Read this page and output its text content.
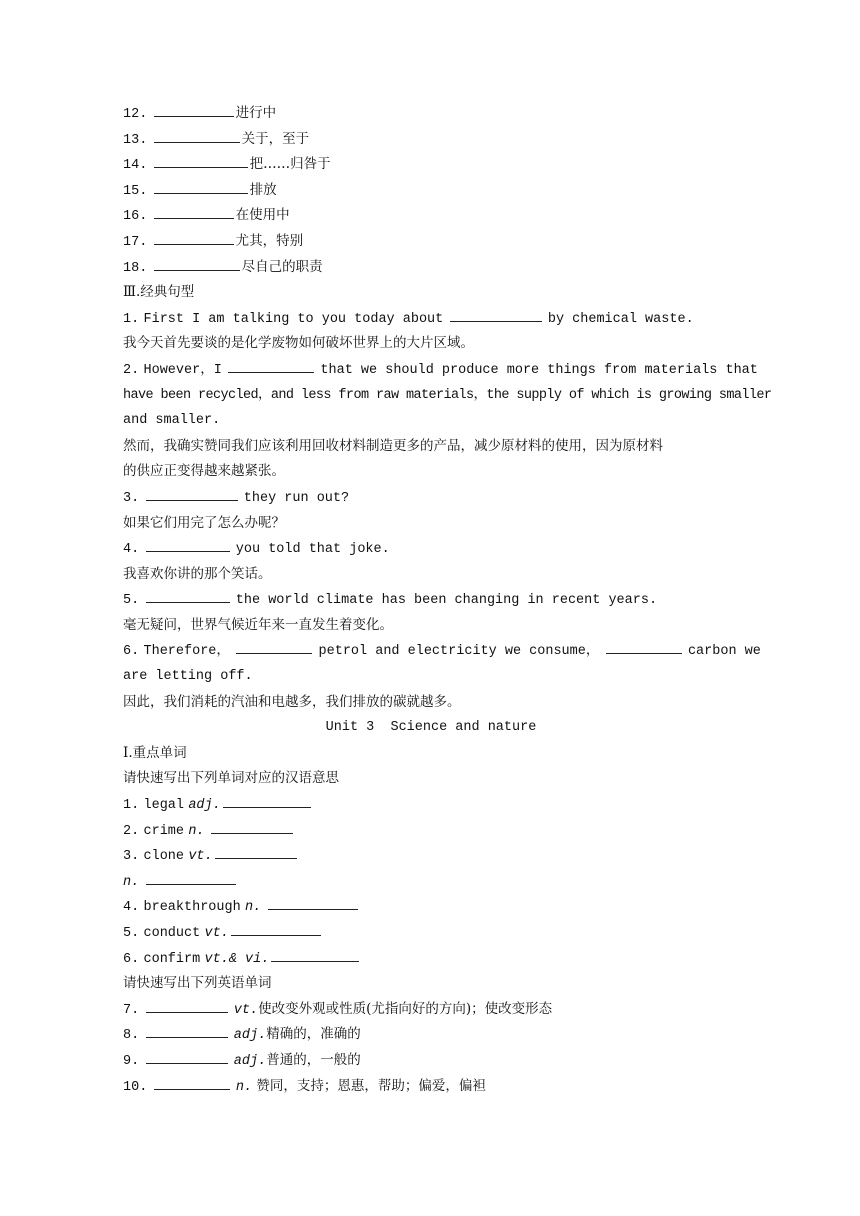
12.	进行中
13.	关于，至于
14.	把……归咎于
15.	排放
16.	在使用中
17.	尤其，特别
18.	尽自己的职责
Ⅲ.经典句型
1. First I am talking to you today about	by chemical waste.
我今天首先要谈的是化学废物如何破坏世界上的大片区域。
2. However，I	that we should produce more things from materials that
have been recycled，and less from raw materials，the supply of which is growing smaller
and smaller.
然而，我确实赞同我们应该利用回收材料制造更多的产品，减少原材料的使用，因为原材料
的供应正变得越来越紧张。
3.	they run out?
如果它们用完了怎么办呢？
4.	you told that joke.
我喜欢你讲的那个笑话。
5.	the world climate has been changing in recent years.
毫无疑问，世界气候近年来一直发生着变化。
6. Therefore，	petrol and electricity we consume，	carbon we
are letting off.
因此，我们消耗的汽油和电越多，我们排放的碳就越多。
Unit 3  Science and nature
Ⅰ.重点单词
请快速写出下列单词对应的汉语意思
1. legal adj.
2. crime n.
3. clone vt.
n.
4. breakthrough n.
5. conduct vt.
6. confirm vt.& vi.
请快速写出下列英语单词
7.	vt.使改变外观或性质(尤指向好的方向)；使改变形态
8.	adj.精确的，准确的
9.	adj.普通的，一般的
10.	n. 赞同，支持；恩惠，帮助；偏爱，偏袒
